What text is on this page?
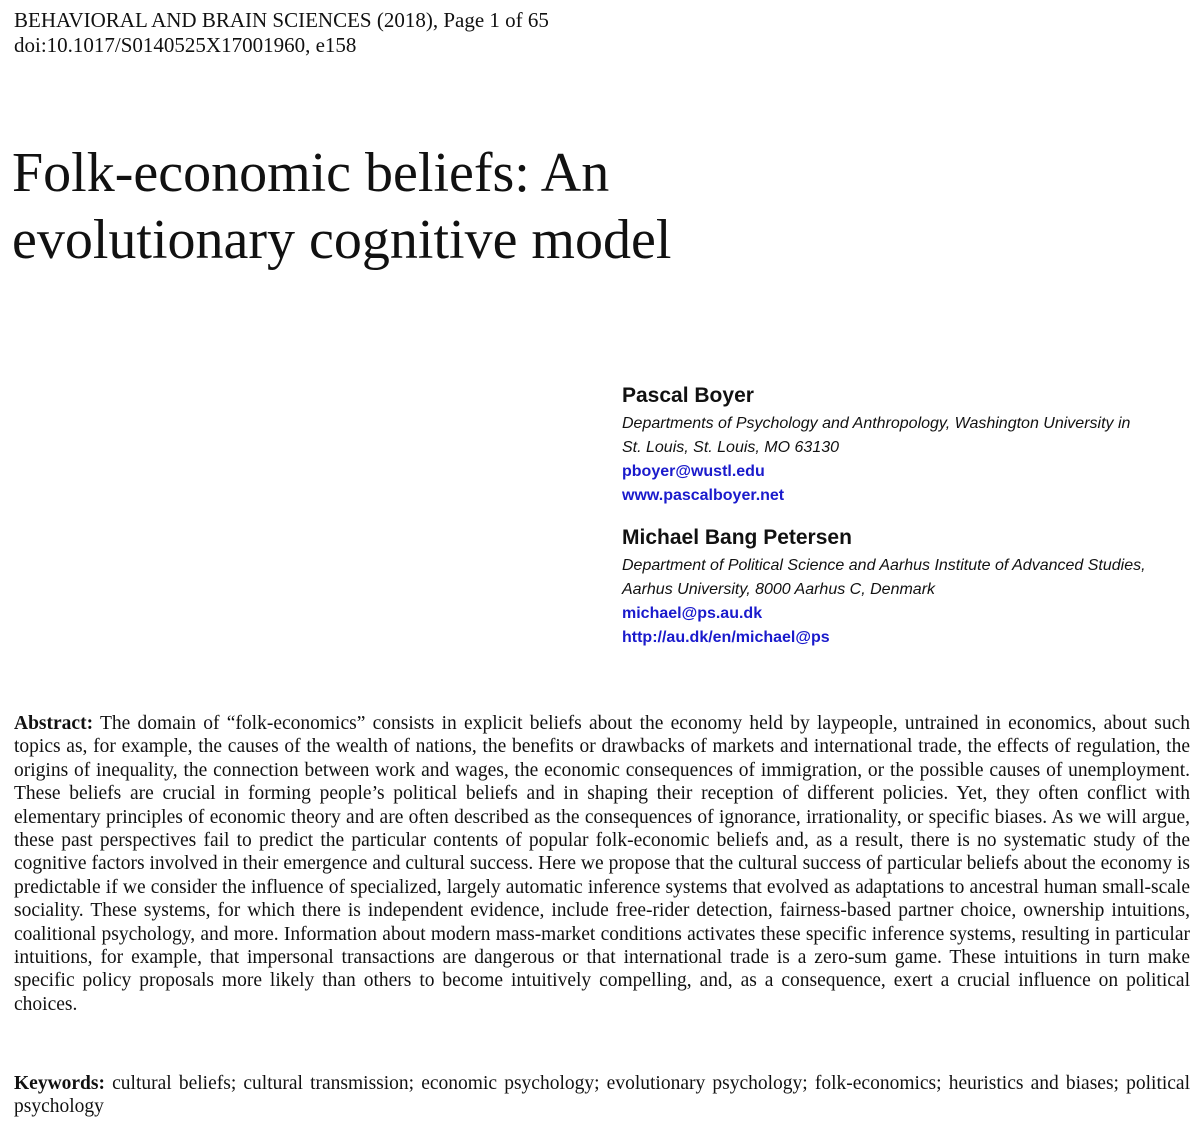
BEHAVIORAL AND BRAIN SCIENCES (2018), Page 1 of 65
doi:10.1017/S0140525X17001960, e158
Folk-economic beliefs: An
evolutionary cognitive model
Pascal Boyer
Departments of Psychology and Anthropology, Washington University in
St. Louis, St. Louis, MO 63130
pboyer@wustl.edu
www.pascalboyer.net
Michael Bang Petersen
Department of Political Science and Aarhus Institute of Advanced Studies,
Aarhus University, 8000 Aarhus C, Denmark
michael@ps.au.dk
http://au.dk/en/michael@ps

Abstract: The domain of “folk-economics” consists in explicit beliefs about the economy held by laypeople, untrained in economics, about such topics as, for example, the causes of the wealth of nations, the benefits or drawbacks of markets and international trade, the effects of regulation, the origins of inequality, the connection between work and wages, the economic consequences of immigration, or the possible causes of unemployment. These beliefs are crucial in forming people’s political beliefs and in shaping their reception of different policies. Yet, they often conflict with elementary principles of economic theory and are often described as the consequences of ignorance, irrationality, or specific biases. As we will argue, these past perspectives fail to predict the particular contents of popular folk-economic beliefs and, as a result, there is no systematic study of the cognitive factors involved in their emergence and cultural success. Here we propose that the cultural success of particular beliefs about the economy is predictable if we consider the influence of specialized, largely automatic inference systems that evolved as adaptations to ancestral human small-scale sociality. These systems, for which there is independent evidence, include free-rider detection, fairness-based partner choice, ownership intuitions, coalitional psychology, and more. Information about modern mass-market conditions activates these specific inference systems, resulting in particular intuitions, for example, that impersonal transactions are dangerous or that international trade is a zero-sum game. These intuitions in turn make specific policy proposals more likely than others to become intuitively compelling, and, as a consequence, exert a crucial influence on political choices.

Keywords: cultural beliefs; cultural transmission; economic psychology; evolutionary psychology; folk-economics; heuristics and biases; political psychology
